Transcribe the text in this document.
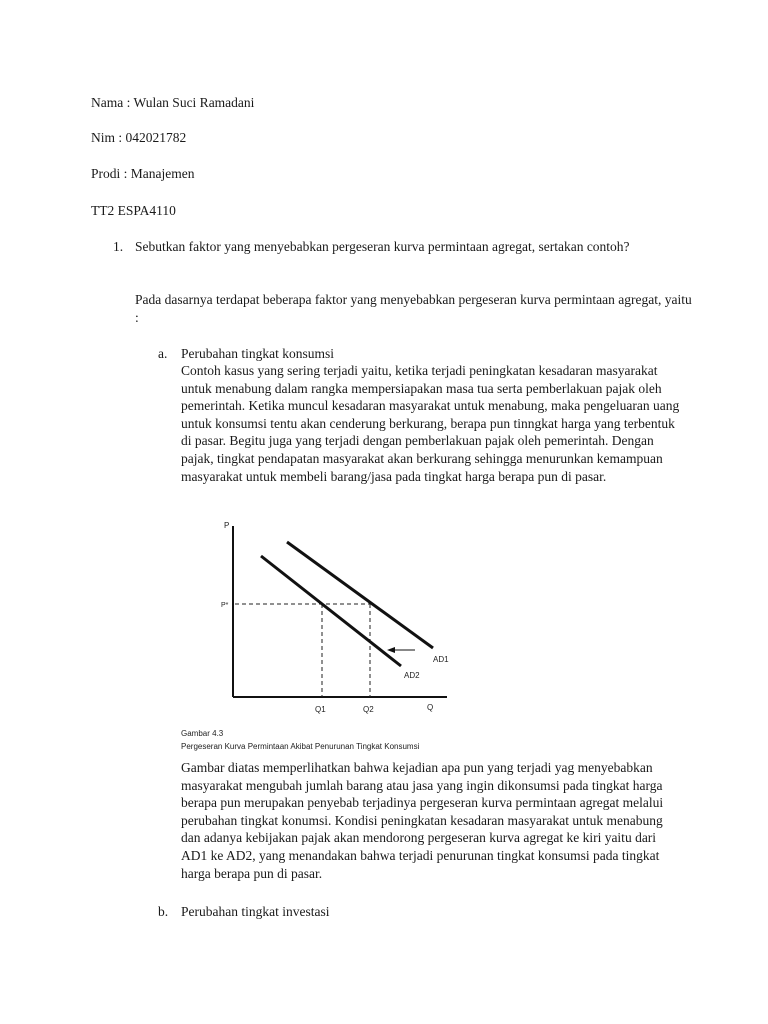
Nama : Wulan Suci Ramadani
Nim : 042021782
Prodi : Manajemen
TT2 ESPA4110
1. Sebutkan faktor yang menyebabkan pergeseran kurva permintaan agregat, sertakan contoh?
Pada dasarnya terdapat beberapa faktor yang menyebabkan pergeseran kurva permintaan agregat, yaitu :
a. Perubahan tingkat konsumsi
Contoh kasus yang sering terjadi yaitu, ketika terjadi peningkatan kesadaran masyarakat untuk menabung dalam rangka mempersiapakan masa tua serta pemberlakuan pajak oleh pemerintah. Ketika muncul kesadaran masyarakat untuk menabung, maka pengeluaran uang untuk konsumsi tentu akan cenderung berkurang, berapa pun tinngkat harga yang terbentuk di pasar. Begitu juga yang terjadi dengan pemberlakuan pajak oleh pemerintah. Dengan pajak, tingkat pendapatan masyarakat akan berkurang sehingga menurunkan kemampuan masyarakat untuk membeli barang/jasa pada tingkat harga berapa pun di pasar.
P
Q
P*
AD1
AD2
Q1	Q2
Gambar 4.3
Pergeseran Kurva Permintaan Akibat Penurunan Tingkat Konsumsi
Gambar diatas memperlihatkan bahwa kejadian apa pun yang terjadi yag menyebabkan masyarakat mengubah jumlah barang atau jasa yang ingin dikonsumsi pada tingkat harga berapa pun merupakan penyebab terjadinya pergeseran kurva permintaan agregat melalui perubahan tingkat konumsi. Kondisi peningkatan kesadaran masyarakat untuk menabung dan adanya kebijakan pajak akan mendorong pergeseran kurva agregat ke kiri yaitu dari AD1 ke AD2, yang menandakan bahwa terjadi penurunan tingkat konsumsi pada tingkat harga berapa pun di pasar.
b. Perubahan tingkat investasi
